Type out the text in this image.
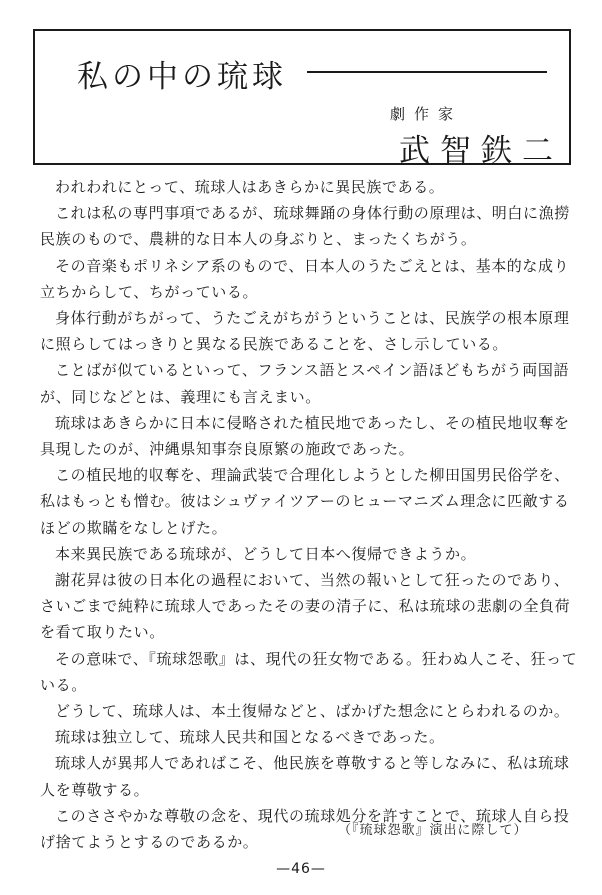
私の中の琉球
劇作家
武智鉄二

われわれにとって、琉球人はあきらかに異民族である。

これは私の専門事項であるが、琉球舞踊の身体行動の原理は、明白に漁撈民族のもので、農耕的な日本人の身ぶりと、まったくちがう。

その音楽もポリネシア系のもので、日本人のうたごえとは、基本的な成り立ちからして、ちがっている。

身体行動がちがって、うたごえがちがうということは、民族学の根本原理に照らしてはっきりと異なる民族であることを、さし示している。

ことばが似ているといって、フランス語とスペイン語ほどもちがう両国語が、同じなどとは、義理にも言えまい。

琉球はあきらかに日本に侵略された植民地であったし、その植民地収奪を具現したのが、沖縄県知事奈良原繁の施政であった。

この植民地的収奪を、理論武装で合理化しようとした柳田国男民俗学を、私はもっとも憎む。彼はシュヴァイツアーのヒューマニズム理念に匹敵するほどの欺瞞をなしとげた。

本来異民族である琉球が、どうして日本へ復帰できようか。

謝花昇は彼の日本化の過程において、当然の報いとして狂ったのであり、さいごまで純粋に琉球人であったその妻の清子に、私は琉球の悲劇の全負荷を看て取りたい。

その意味で、『琉球怨歌』は、現代の狂女物である。狂わぬ人こそ、狂っている。

どうして、琉球人は、本土復帰などと、ばかげた想念にとらわれるのか。

琉球は独立して、琉球人民共和国となるべきであった。

琉球人が異邦人であればこそ、他民族を尊敬すると等しなみに、私は琉球人を尊敬する。

このささやかな尊敬の念を、現代の琉球処分を許すことで、琉球人自ら投げ捨てようとするのであるか。

（『琉球怨歌』演出に際して）
—46—
